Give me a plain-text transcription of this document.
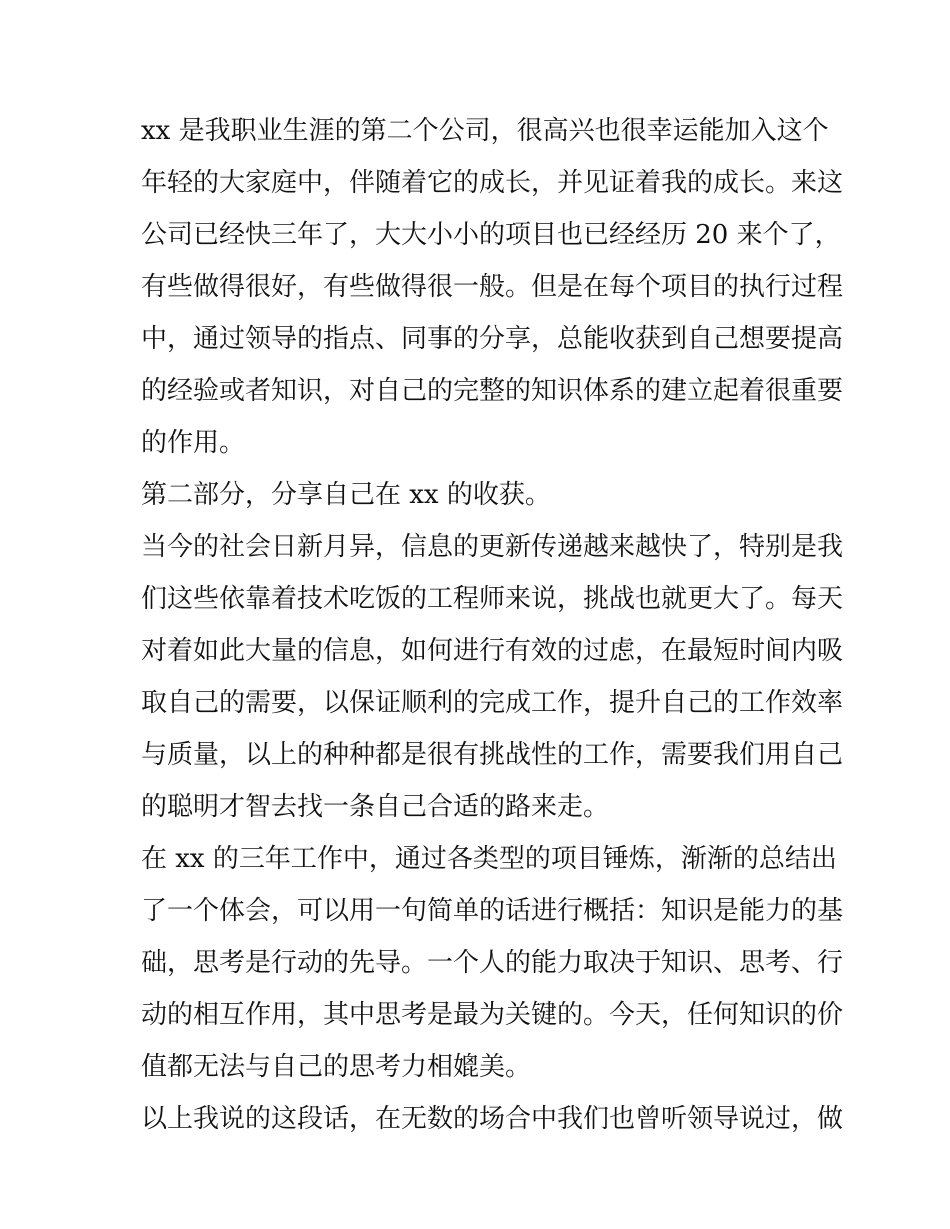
xx 是我职业生涯的第二个公司，很高兴也很幸运能加入这个

年轻的大家庭中，伴随着它的成长，并见证着我的成长。来这

公司已经快三年了，大大小小的项目也已经经历 20 来个了，

有些做得很好，有些做得很一般。但是在每个项目的执行过程

中，通过领导的指点、同事的分享，总能收获到自己想要提高

的经验或者知识，对自己的完整的知识体系的建立起着很重要

的作用。

第二部分，分享自己在 xx 的收获。

当今的社会日新月异，信息的更新传递越来越快了，特别是我

们这些依靠着技术吃饭的工程师来说，挑战也就更大了。每天

对着如此大量的信息，如何进行有效的过虑，在最短时间内吸

取自己的需要，以保证顺利的完成工作，提升自己的工作效率

与质量，以上的种种都是很有挑战性的工作，需要我们用自己

的聪明才智去找一条自己合适的路来走。

在 xx 的三年工作中，通过各类型的项目锤炼，渐渐的总结出

了一个体会，可以用一句简单的话进行概括：知识是能力的基

础，思考是行动的先导。一个人的能力取决于知识、思考、行

动的相互作用，其中思考是最为关键的。今天，任何知识的价

值都无法与自己的思考力相媲美。

以上我说的这段话，在无数的场合中我们也曾听领导说过，做
